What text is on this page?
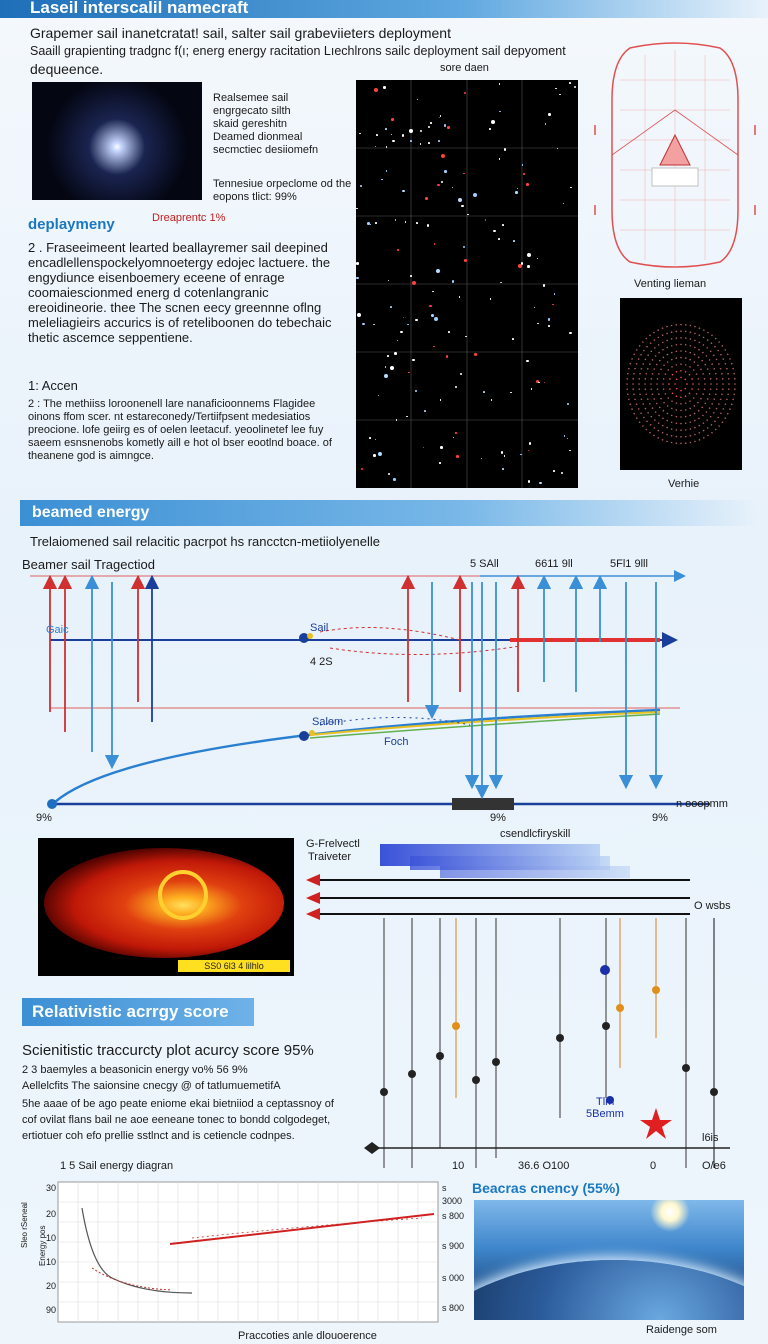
Laseil interscalil namecraft
Grapemer sail inanetcratat! sail, salter sail grabeviieters deployment
Saaill grapienting tradgnc f(ı; energ energy racitation Lıechlrons sailc deployment sail depyoment
dequeence.	sore daen
Realsemee sail
engrgecato silth
skaid gereshitn
Deamed dionmeal
secmctiec desiiomefn
Tennesiue orpeclome od the eopons tlict: 99%
Dreaprentc 1%
deplaymeny
2 . Fraseeimeent learted beallayremer sail deepined encadlellenspockelyomnoetergy edojec lactuere. the engydiunce eisenboemery eceene of enrage coomaiescionmed energ d cotenlangranic ereoidineorie. thee The scnen eecy greennne oflng meleliagieirs accurics is of reteliboonen do tebechaic thetic ascemce seppentiene.
1: Accen
2 : The methiiss loroonenell lare nanaficioonnems Flagidee oinons ffom scer. nt estareconedy/Tertiifpsent medesiatios preocione. lofe geiirg es of oelen leetacuf. yeoolinetef lee fuy saeem esnsnenobs kometly aill e hot ol bser eootlnd boace. of theanene god is aimngce.
Venting lieman
Verhie
beamed energy
Trelaiomened sail relacitic pacrpot hs rancctcn-metiiolyenelle
Beamer sail Tragectiod	5 SAll	6611 9ll	5Fl1 9lll
Gaic	Sail
4 2S
Salem
Foch
9%	9%	9%
n ooopmm
SS0 6l3 4 lilhlo
G-Frelvectl
Traiveter
csendlcfiryskill
Tlm
5Bemm
O wsbs
l6is
10	36.6 O100	0	O/e6
Relativistic acrrgy score
Scienitistic traccurcty plot acurcy score 95%
2 3 baemyles a beasonicin energy vo% 56 9%
Aellelcfits The saionsine cnecgy @ of tatlumuemetifA
5he aaae of be ago peate eniome ekai bietniiod a ceptassnoy of
cof ovilat flans bail ne aoe eeneane tonec to bondd colgodeget,
ertiotuer coh efo prellie sstlnct and is cetiencle codnpes.
1 5 Sail energy diagran
30
20
10
10
20
90
s 3000
s 800
s 900
s 000
s 800
Sleo rSeneal Energy pos
Praccoties anle dlouoerence
Beacras cnency (55%)
Raidenge som
